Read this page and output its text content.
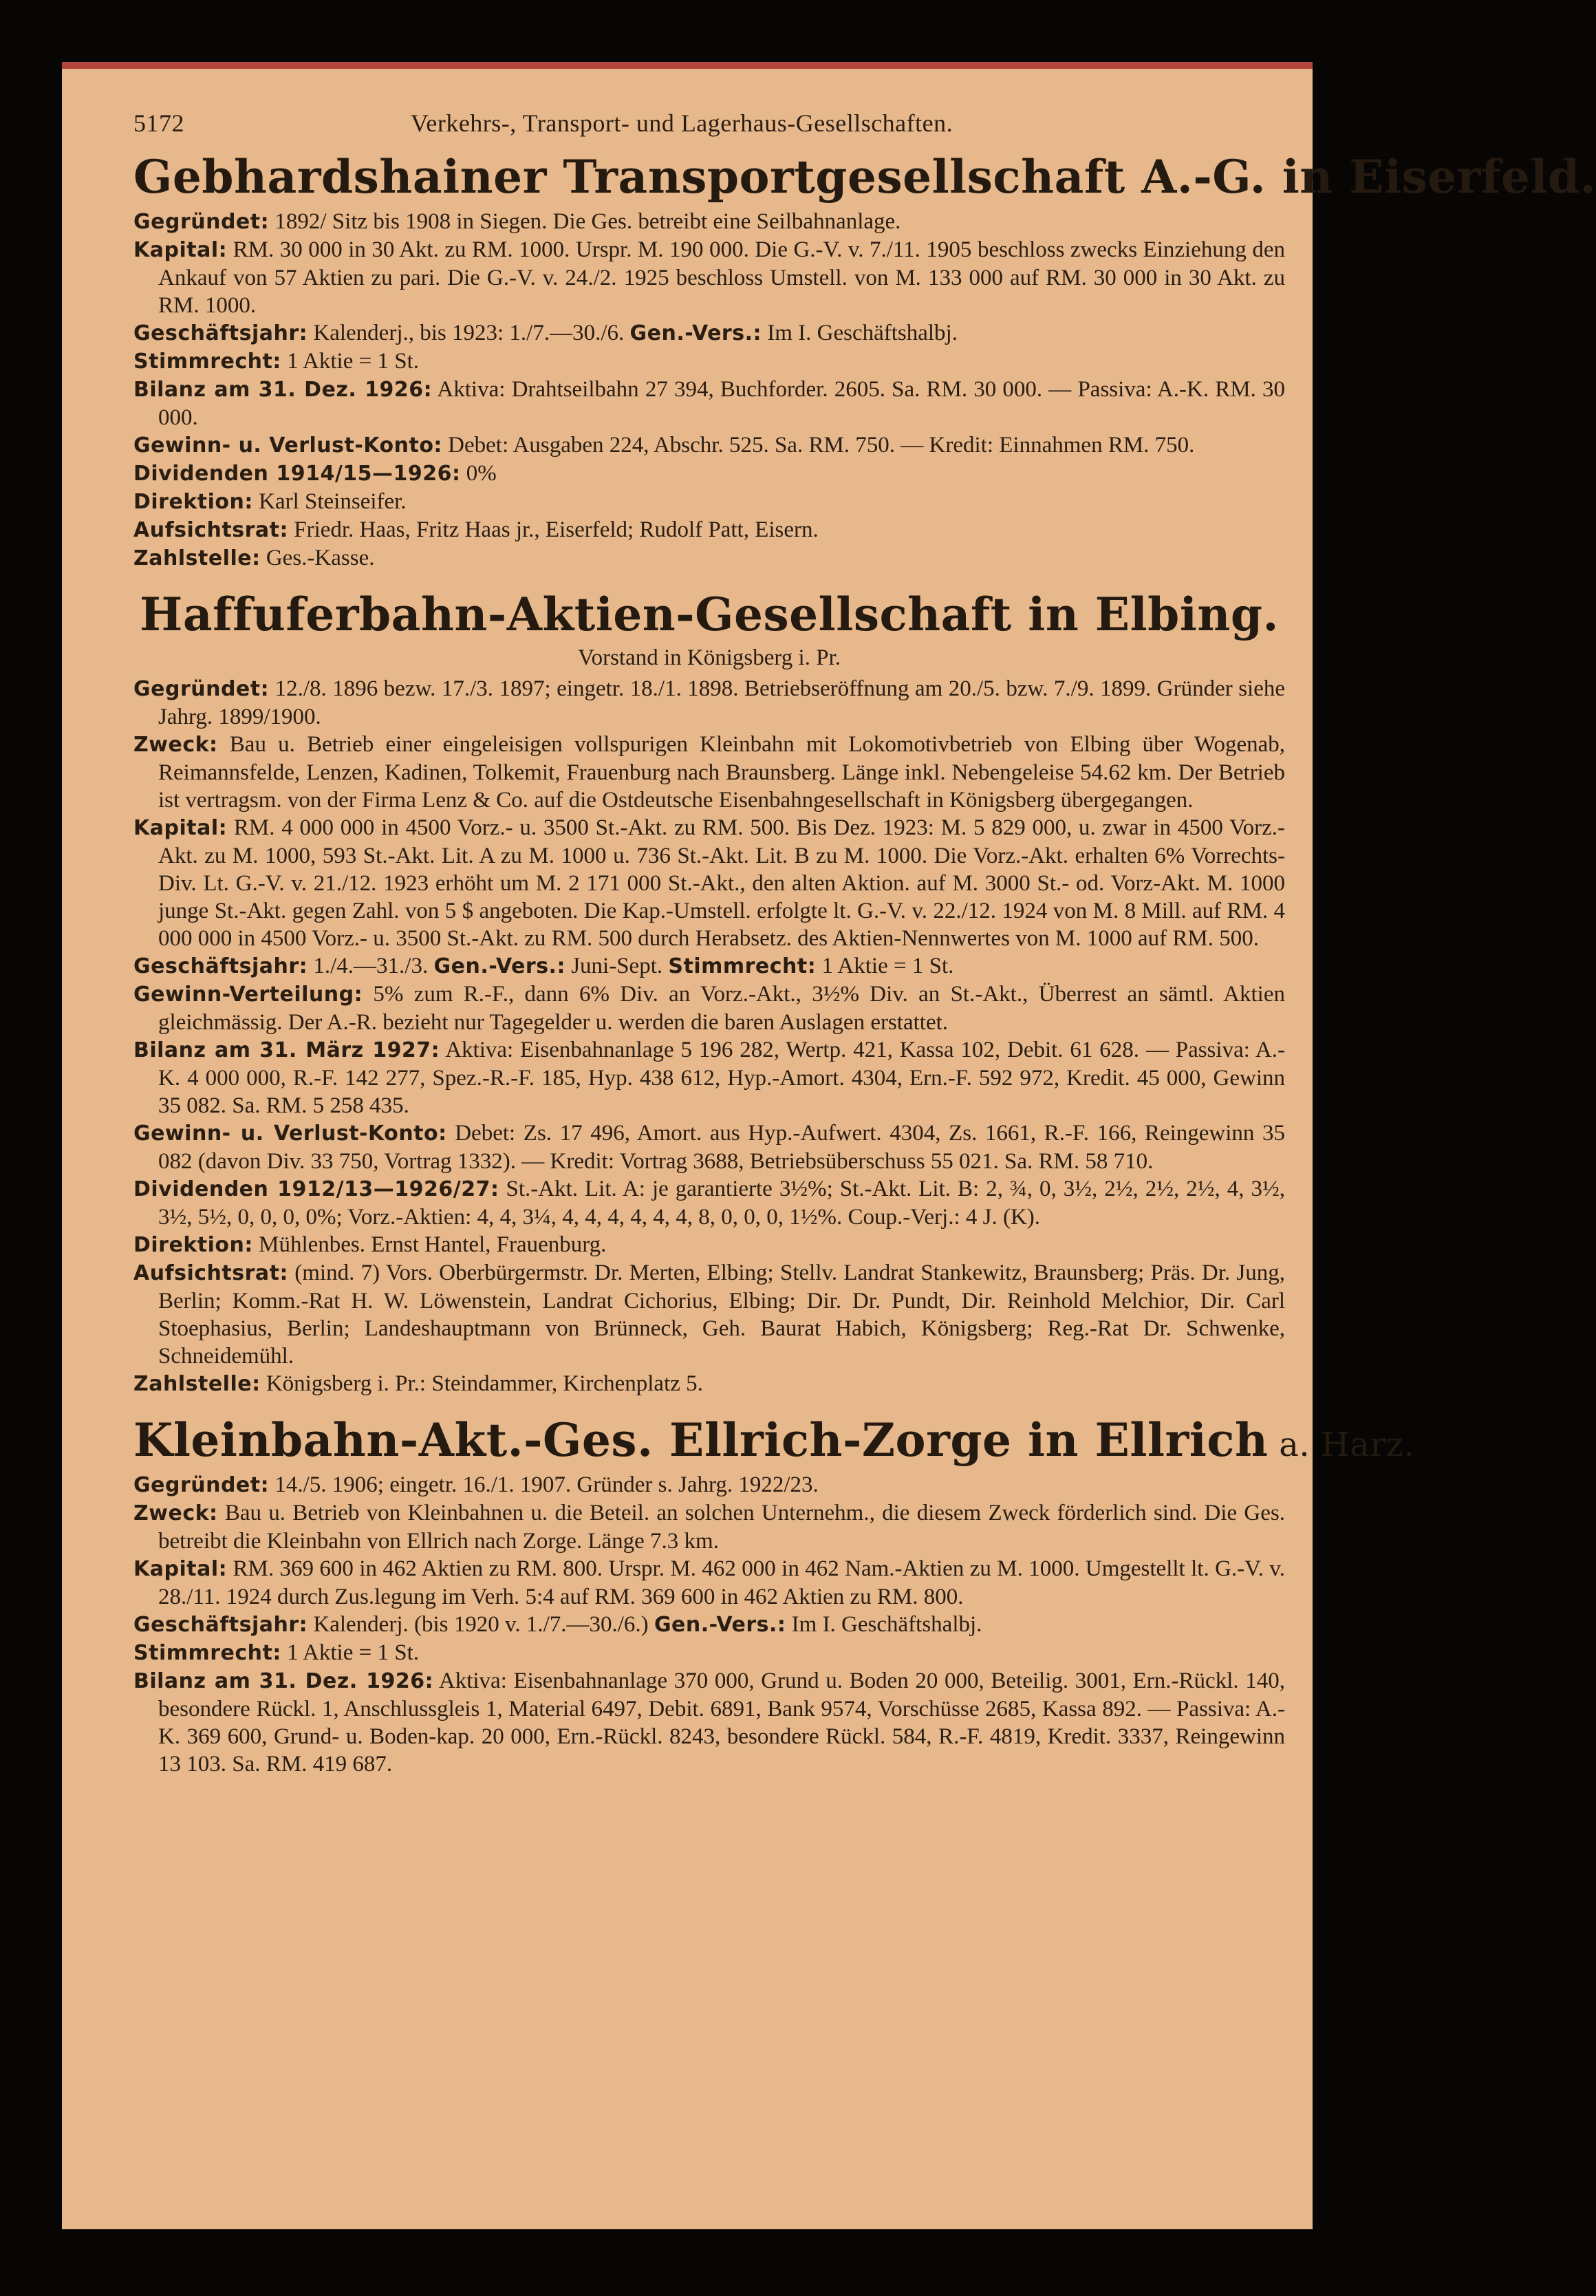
5172	Verkehrs-, Transport- und Lagerhaus-Gesellschaften.
Gebhardshainer Transportgesellschaft A.-G. in Eiserfeld.

Gegründet: 1892/ Sitz bis 1908 in Siegen. Die Ges. betreibt eine Seilbahnanlage.

Kapital: RM. 30 000 in 30 Akt. zu RM. 1000. Urspr. M. 190 000. Die G.-V. v. 7./11. 1905 beschloss zwecks Einziehung den Ankauf von 57 Aktien zu pari. Die G.-V. v. 24./2. 1925 beschloss Umstell. von M. 133 000 auf RM. 30 000 in 30 Akt. zu RM. 1000.

Geschäftsjahr: Kalenderj., bis 1923: 1./7.—30./6. Gen.-Vers.: Im I. Geschäftshalbj.

Stimmrecht: 1 Aktie = 1 St.

Bilanz am 31. Dez. 1926: Aktiva: Drahtseilbahn 27 394, Buchforder. 2605. Sa. RM. 30 000. — Passiva: A.-K. RM. 30 000.

Gewinn- u. Verlust-Konto: Debet: Ausgaben 224, Abschr. 525. Sa. RM. 750. — Kredit: Einnahmen RM. 750.

Dividenden 1914/15—1926: 0%

Direktion: Karl Steinseifer.

Aufsichtsrat: Friedr. Haas, Fritz Haas jr., Eiserfeld; Rudolf Patt, Eisern.

Zahlstelle: Ges.-Kasse.

Haffuferbahn-Aktien-Gesellschaft in Elbing.
Vorstand in Königsberg i. Pr.

Gegründet: 12./8. 1896 bezw. 17./3. 1897; eingetr. 18./1. 1898. Betriebseröffnung am 20./5. bzw. 7./9. 1899. Gründer siehe Jahrg. 1899/1900.

Zweck: Bau u. Betrieb einer eingeleisigen vollspurigen Kleinbahn mit Lokomotivbetrieb von Elbing über Wogenab, Reimannsfelde, Lenzen, Kadinen, Tolkemit, Frauenburg nach Braunsberg. Länge inkl. Nebengeleise 54.62 km. Der Betrieb ist vertragsm. von der Firma Lenz & Co. auf die Ostdeutsche Eisenbahngesellschaft in Königsberg übergegangen.

Kapital: RM. 4 000 000 in 4500 Vorz.- u. 3500 St.-Akt. zu RM. 500. Bis Dez. 1923: M. 5 829 000, u. zwar in 4500 Vorz.-Akt. zu M. 1000, 593 St.-Akt. Lit. A zu M. 1000 u. 736 St.-Akt. Lit. B zu M. 1000. Die Vorz.-Akt. erhalten 6% Vorrechts-Div. Lt. G.-V. v. 21./12. 1923 erhöht um M. 2 171 000 St.-Akt., den alten Aktion. auf M. 3000 St.- od. Vorz-Akt. M. 1000 junge St.-Akt. gegen Zahl. von 5 $ angeboten. Die Kap.-Umstell. erfolgte lt. G.-V. v. 22./12. 1924 von M. 8 Mill. auf RM. 4 000 000 in 4500 Vorz.- u. 3500 St.-Akt. zu RM. 500 durch Herabsetz. des Aktien-Nennwertes von M. 1000 auf RM. 500.

Geschäftsjahr: 1./4.—31./3. Gen.-Vers.: Juni-Sept. Stimmrecht: 1 Aktie = 1 St.

Gewinn-Verteilung: 5% zum R.-F., dann 6% Div. an Vorz.-Akt., 3½% Div. an St.-Akt., Überrest an sämtl. Aktien gleichmässig. Der A.-R. bezieht nur Tagegelder u. werden die baren Auslagen erstattet.

Bilanz am 31. März 1927: Aktiva: Eisenbahnanlage 5 196 282, Wertp. 421, Kassa 102, Debit. 61 628. — Passiva: A.-K. 4 000 000, R.-F. 142 277, Spez.-R.-F. 185, Hyp. 438 612, Hyp.-Amort. 4304, Ern.-F. 592 972, Kredit. 45 000, Gewinn 35 082. Sa. RM. 5 258 435.

Gewinn- u. Verlust-Konto: Debet: Zs. 17 496, Amort. aus Hyp.-Aufwert. 4304, Zs. 1661, R.-F. 166, Reingewinn 35 082 (davon Div. 33 750, Vortrag 1332). — Kredit: Vortrag 3688, Betriebsüberschuss 55 021. Sa. RM. 58 710.

Dividenden 1912/13—1926/27: St.-Akt. Lit. A: je garantierte 3½%; St.-Akt. Lit. B: 2, ¾, 0, 3½, 2½, 2½, 2½, 4, 3½, 3½, 5½, 0, 0, 0, 0%; Vorz.-Aktien: 4, 4, 3¼, 4, 4, 4, 4, 4, 4, 8, 0, 0, 0, 1½%. Coup.-Verj.: 4 J. (K).

Direktion: Mühlenbes. Ernst Hantel, Frauenburg.

Aufsichtsrat: (mind. 7) Vors. Oberbürgermstr. Dr. Merten, Elbing; Stellv. Landrat Stankewitz, Braunsberg; Präs. Dr. Jung, Berlin; Komm.-Rat H. W. Löwenstein, Landrat Cichorius, Elbing; Dir. Dr. Pundt, Dir. Reinhold Melchior, Dir. Carl Stoephasius, Berlin; Landeshauptmann von Brünneck, Geh. Baurat Habich, Königsberg; Reg.-Rat Dr. Schwenke, Schneidemühl.

Zahlstelle: Königsberg i. Pr.: Steindammer, Kirchenplatz 5.

Kleinbahn-Akt.-Ges. Ellrich-Zorge in Ellrich a. Harz.

Gegründet: 14./5. 1906; eingetr. 16./1. 1907. Gründer s. Jahrg. 1922/23.

Zweck: Bau u. Betrieb von Kleinbahnen u. die Beteil. an solchen Unternehm., die diesem Zweck förderlich sind. Die Ges. betreibt die Kleinbahn von Ellrich nach Zorge. Länge 7.3 km.

Kapital: RM. 369 600 in 462 Aktien zu RM. 800. Urspr. M. 462 000 in 462 Nam.-Aktien zu M. 1000. Umgestellt lt. G.-V. v. 28./11. 1924 durch Zus.legung im Verh. 5:4 auf RM. 369 600 in 462 Aktien zu RM. 800.

Geschäftsjahr: Kalenderj. (bis 1920 v. 1./7.—30./6.) Gen.-Vers.: Im I. Geschäftshalbj.

Stimmrecht: 1 Aktie = 1 St.

Bilanz am 31. Dez. 1926: Aktiva: Eisenbahnanlage 370 000, Grund u. Boden 20 000, Beteilig. 3001, Ern.-Rückl. 140, besondere Rückl. 1, Anschlussgleis 1, Material 6497, Debit. 6891, Bank 9574, Vorschüsse 2685, Kassa 892. — Passiva: A.-K. 369 600, Grund- u. Boden-kap. 20 000, Ern.-Rückl. 8243, besondere Rückl. 584, R.-F. 4819, Kredit. 3337, Reingewinn 13 103. Sa. RM. 419 687.
